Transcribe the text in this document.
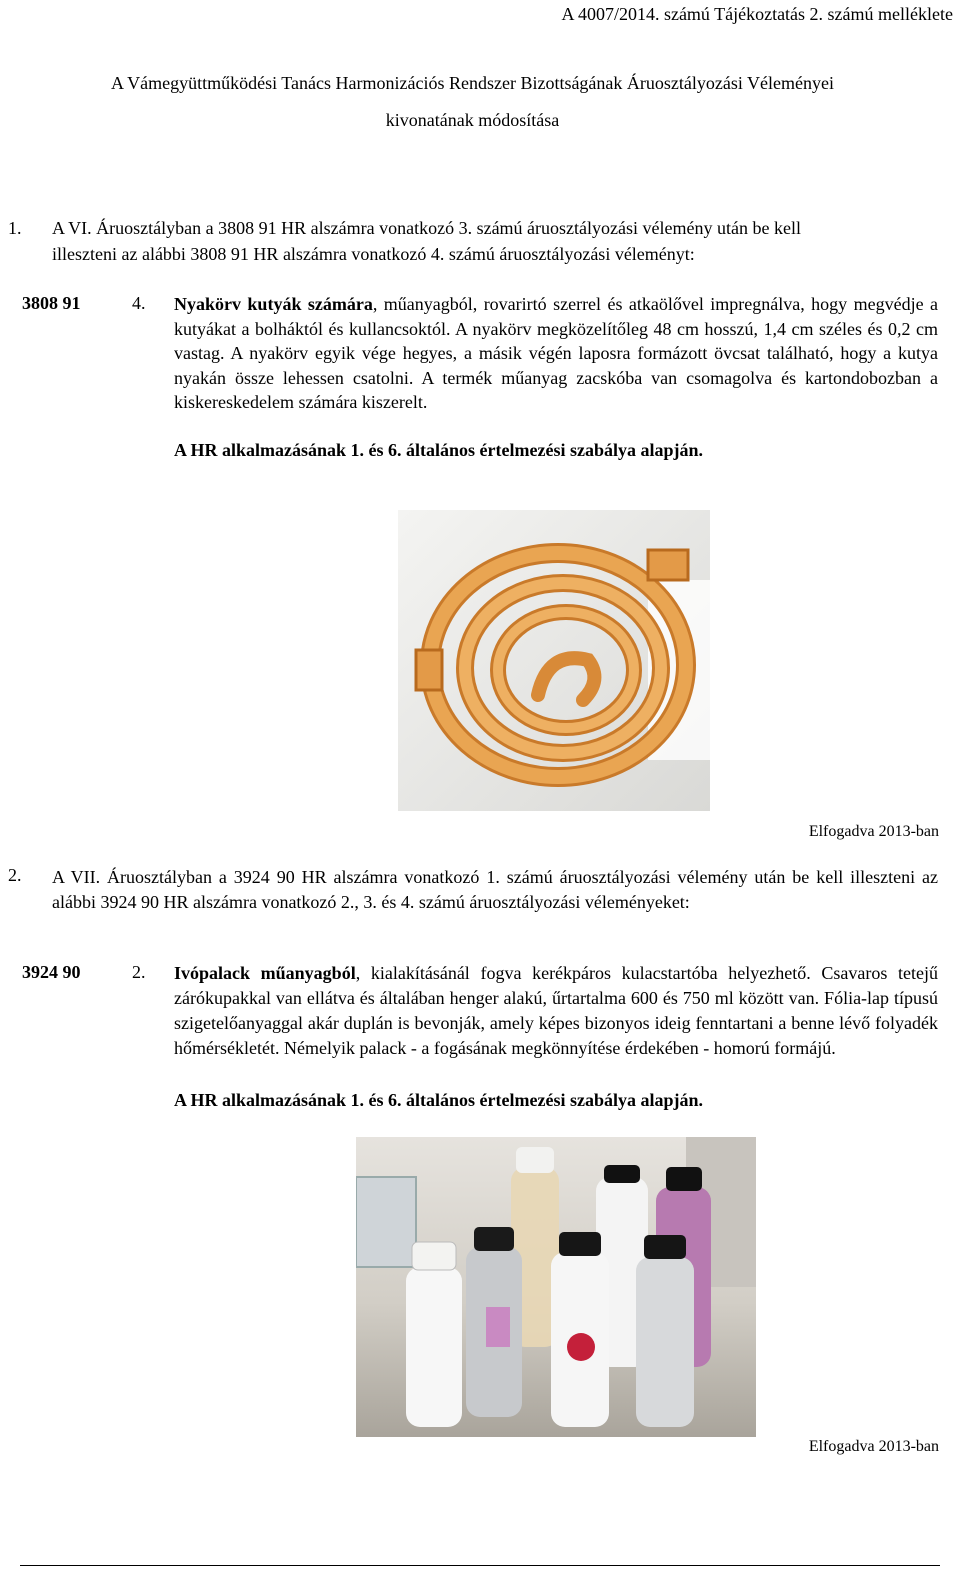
A 4007/2014. számú Tájékoztatás 2. számú melléklete
A Vámegyüttműködési Tanács Harmonizációs Rendszer Bizottságának Áruosztályozási Véleményei
kivonatának módosítása
1. A VI. Áruosztályban a 3808 91 HR alszámra vonatkozó 3. számú áruosztályozási vélemény után be kell
illeszteni az alábbi 3808 91 HR alszámra vonatkozó 4. számú áruosztályozási véleményt:
3808 91	4. Nyakörv kutyák számára, műanyagból, rovarirtó szerrel és atkaölővel impregnálva, hogy megvédje a kutyákat a bolháktól és kullancsoktól. A nyakörv megközelítőleg 48 cm hosszú, 1,4 cm széles és 0,2 cm vastag. A nyakörv egyik vége hegyes, a másik végén laposra formázott övcsat található, hogy a kutya nyakán össze lehessen csatolni. A termék műanyag zacskóba van csomagolva és kartondobozban a kiskereskedelem számára kiszerelt.
A HR alkalmazásának 1. és 6. általános értelmezési szabálya alapján.
Elfogadva 2013-ban
2. A VII. Áruosztályban a 3924 90 HR alszámra vonatkozó 1. számú áruosztályozási vélemény után be kell illeszteni az alábbi 3924 90 HR alszámra vonatkozó 2., 3. és 4. számú áruosztályozási véleményeket:
3924 90	2. Ivópalack műanyagból, kialakításánál fogva kerékpáros kulacstartóba helyezhető. Csavaros tetejű zárókupakkal van ellátva és általában henger alakú, űrtartalma 600 és 750 ml között van. Fólia-lap típusú szigetelőanyaggal akár duplán is bevonják, amely képes bizonyos ideig fenntartani a benne lévő folyadék hőmérsékletét. Némelyik palack - a fogásának megkönnyítése érdekében - homorú formájú.
A HR alkalmazásának 1. és 6. általános értelmezési szabálya alapján.
Elfogadva 2013-ban
